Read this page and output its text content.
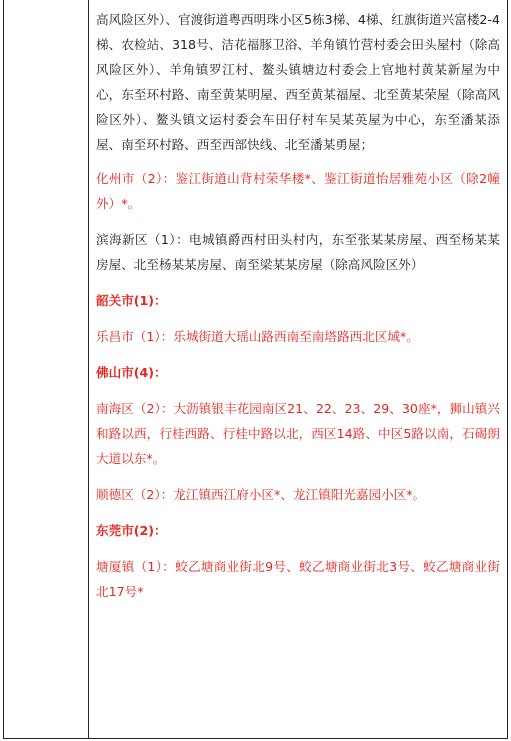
高风险区外）、官渡街道粤西明珠小区5栋3梯、4梯、红旗街道兴富楼2-4梯、农检站、318号、洁花福豚卫浴、羊角镇竹营村委会田头屋村（除高风险区外）、羊角镇罗江村、鳌头镇塘边村委会上官地村黄某新屋为中心，东至环村路、南至黄某明屋、西至黄某福屋、北至黄某荣屋（除高风险区外）、鳌头镇文运村委会车田仔村车吴某英屋为中心，东至潘某添屋、南至环村路、西至西部快线、北至潘某勇屋；

化州市（2）：鉴江街道山背村荣华楼*、鉴江街道怡居雅苑小区（除2幢外）*。

滨海新区（1）：电城镇爵西村田头村内，东至张某某房屋、西至杨某某房屋、北至杨某某房屋、南至梁某某房屋（除高风险区外）

韶关市(1)：

乐昌市（1）：乐城街道大瑶山路西南至南塔路西北区域*。

佛山市(4)：

南海区（2）：大沥镇银丰花园南区21、22、23、29、30座*，狮山镇兴和路以西，行桂西路、行桂中路以北，西区14路、中区5路以南，石碣朗大道以东*。

顺德区（2）：龙江镇西江府小区*、龙江镇阳光嘉园小区*。

东莞市(2)：

塘厦镇（1）：蛟乙塘商业街北9号、蛟乙塘商业街北3号、蛟乙塘商业街北17号*
